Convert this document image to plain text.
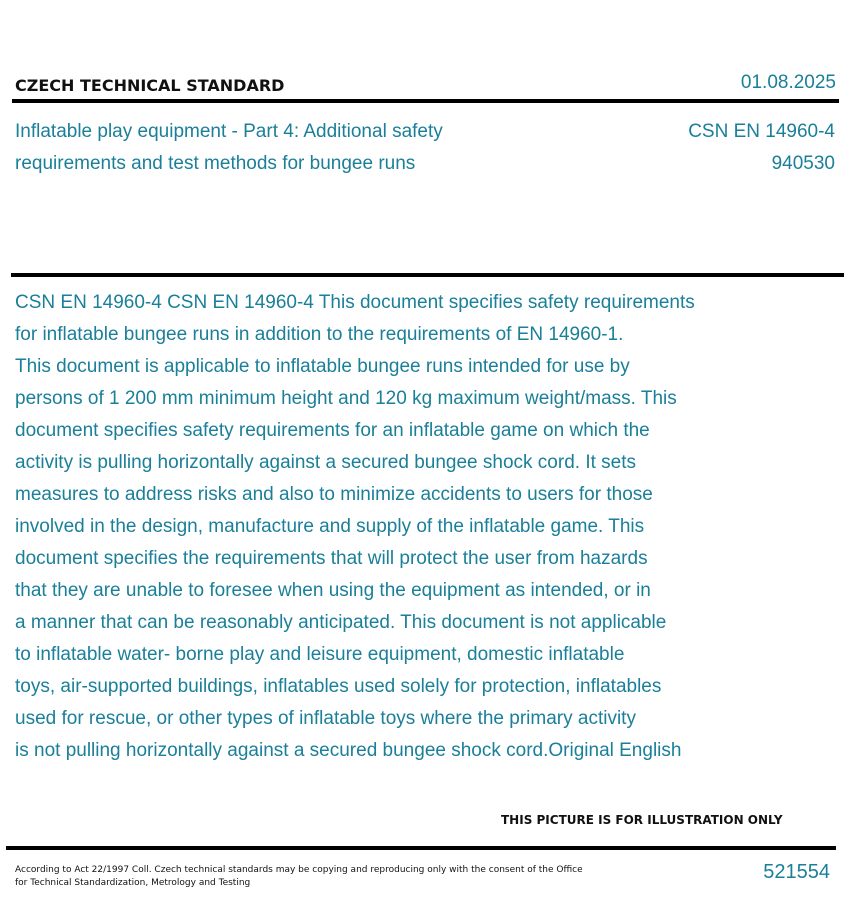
CZECH TECHNICAL STANDARD	01.08.2025
Inflatable play equipment - Part 4: Additional safety
requirements and test methods for bungee runs
CSN EN 14960-4
940530
CSN EN 14960-4 CSN EN 14960-4 This document specifies safety requirements
for inflatable bungee runs in addition to the requirements of EN 14960-1.
This document is applicable to inflatable bungee runs intended for use by
persons of 1 200 mm minimum height and 120 kg maximum weight/mass. This
document specifies safety requirements for an inflatable game on which the
activity is pulling horizontally against a secured bungee shock cord. It sets
measures to address risks and also to minimize accidents to users for those
involved in the design, manufacture and supply of the inflatable game. This
document specifies the requirements that will protect the user from hazards
that they are unable to foresee when using the equipment as intended, or in
a manner that can be reasonably anticipated. This document is not applicable
to inflatable water- borne play and leisure equipment, domestic inflatable
toys, air-supported buildings, inflatables used solely for protection, inflatables
used for rescue, or other types of inflatable toys where the primary activity
is not pulling horizontally against a secured bungee shock cord.Original English
THIS PICTURE IS FOR ILLUSTRATION ONLY
According to Act 22/1997 Coll. Czech technical standards may be copying and reproducing only with the consent of the Office
for Technical Standardization, Metrology and Testing	521554
